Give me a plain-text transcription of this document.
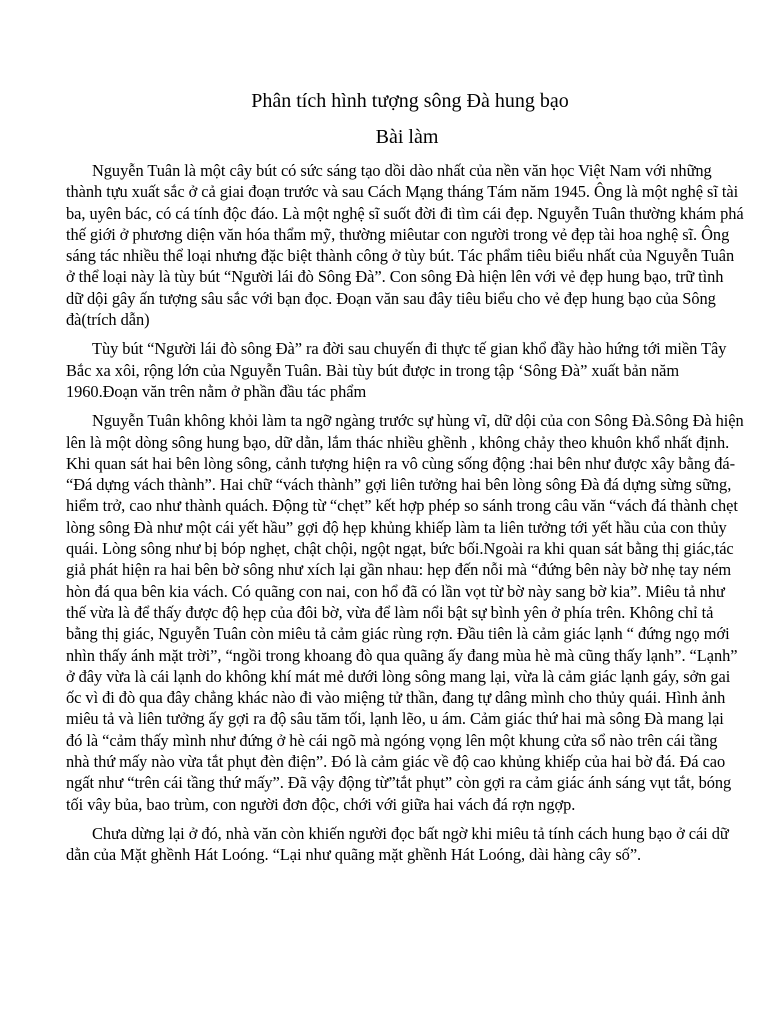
Phân tích hình tượng sông Đà hung bạo
Bài làm

Nguyễn Tuân là một cây bút có sức sáng tạo dồi dào nhất của nền văn học Việt Nam với những thành tựu xuất sắc ở cả giai đoạn trước và sau Cách Mạng tháng Tám năm 1945. Ông là một nghệ sĩ tài ba, uyên bác, có cá tính độc đáo. Là một nghệ sĩ suốt đời đi tìm cái đẹp. Nguyễn Tuân thường khám phá thế giới ở phương diện văn hóa thẩm mỹ, thường miêutar con người trong vẻ đẹp tài hoa nghệ sĩ. Ông sáng tác nhiều thể loại nhưng đặc biệt thành công ở tùy bút. Tác phẩm tiêu biểu nhất của Nguyễn Tuân ở thể loại này là tùy bút “Người lái đò Sông Đà”. Con sông Đà hiện lên với vẻ đẹp hung bạo, trữ tình dữ dội gây ấn tượng sâu sắc với bạn đọc. Đoạn văn sau đây tiêu biểu cho vẻ đẹp hung bạo của Sông đà(trích dẫn)

Tùy bút “Người lái đò sông Đà” ra đời sau chuyến đi thực tế gian khổ đầy hào hứng tới miền Tây Bắc xa xôi, rộng lớn của Nguyễn Tuân. Bài tùy bút được in trong tập ‘Sông Đà” xuất bản năm 1960.Đoạn văn trên nằm ở phần đầu tác phẩm

Nguyễn Tuân không khỏi làm ta ngỡ ngàng trước sự hùng vĩ, dữ dội của con Sông Đà.Sông Đà hiện lên là một dòng sông hung bạo, dữ dằn, lắm thác nhiều ghềnh , không chảy theo khuôn khổ nhất định. Khi quan sát hai bên lòng sông, cảnh tượng hiện ra vô cùng sống động :hai bên như được xây bằng đá- “Đá dựng vách thành”. Hai chữ “vách thành” gợi liên tưởng hai bên lòng sông Đà đá dựng sừng sững, hiểm trở, cao như thành quách. Động từ “chẹt” kết hợp phép so sánh trong câu văn “vách đá thành chẹt lòng sông Đà như một cái yết hầu” gợi độ hẹp khủng khiếp làm ta liên tưởng tới yết hầu của con thủy quái. Lòng sông như bị bóp nghẹt, chật chội, ngột ngạt, bức bối.Ngoài ra khi quan sát bằng thị giác,tác giả phát hiện ra hai bên bờ sông như xích lại gần nhau: hẹp đến nỗi mà “đứng bên này bờ nhẹ tay ném hòn đá qua bên kia vách. Có quãng con nai, con hổ đã có lần vọt từ bờ này sang bờ kia”. Miêu tả như thế vừa là để thấy được độ hẹp của đôi bờ, vừa để làm nổi bật sự bình yên ở phía trên. Không chỉ tả bằng thị giác, Nguyễn Tuân còn miêu tả cảm giác rùng rợn. Đầu tiên là cảm giác lạnh “ đứng ngọ mới nhìn thấy ánh mặt trời”, “ngồi trong khoang đò qua quãng ấy đang mùa hè mà cũng thấy lạnh”. “Lạnh” ở đây vừa là cái lạnh do không khí mát mẻ dưới lòng sông mang lại, vừa là cảm giác lạnh gáy, sởn gai ốc vì đi đò qua đây chẳng khác nào đi vào miệng tử thần, đang tự dâng mình cho thủy quái. Hình ảnh miêu tả và liên tưởng ấy gợi ra độ sâu tăm tối, lạnh lẽo, u ám. Cảm giác thứ hai mà sông Đà mang lại đó là “cảm thấy mình như đứng ở hè cái ngõ mà ngóng vọng lên một khung cửa sổ nào trên cái tầng nhà thứ mấy nào vừa tắt phụt đèn điện”. Đó là cảm giác về độ cao khủng khiếp của hai bờ đá. Đá cao ngất như “trên cái tầng thứ mấy”. Đã vậy động từ”tắt phụt” còn gợi ra cảm giác ánh sáng vụt tắt, bóng tối vây bủa, bao trùm, con người đơn độc, chới với giữa hai vách đá rợn ngợp.

Chưa dừng lại ở đó, nhà văn còn khiến người đọc bất ngờ khi miêu tả tính cách hung bạo ở cái dữ dằn của Mặt ghềnh Hát Loóng. “Lại như quãng mặt ghềnh Hát Loóng, dài hàng cây số”.
